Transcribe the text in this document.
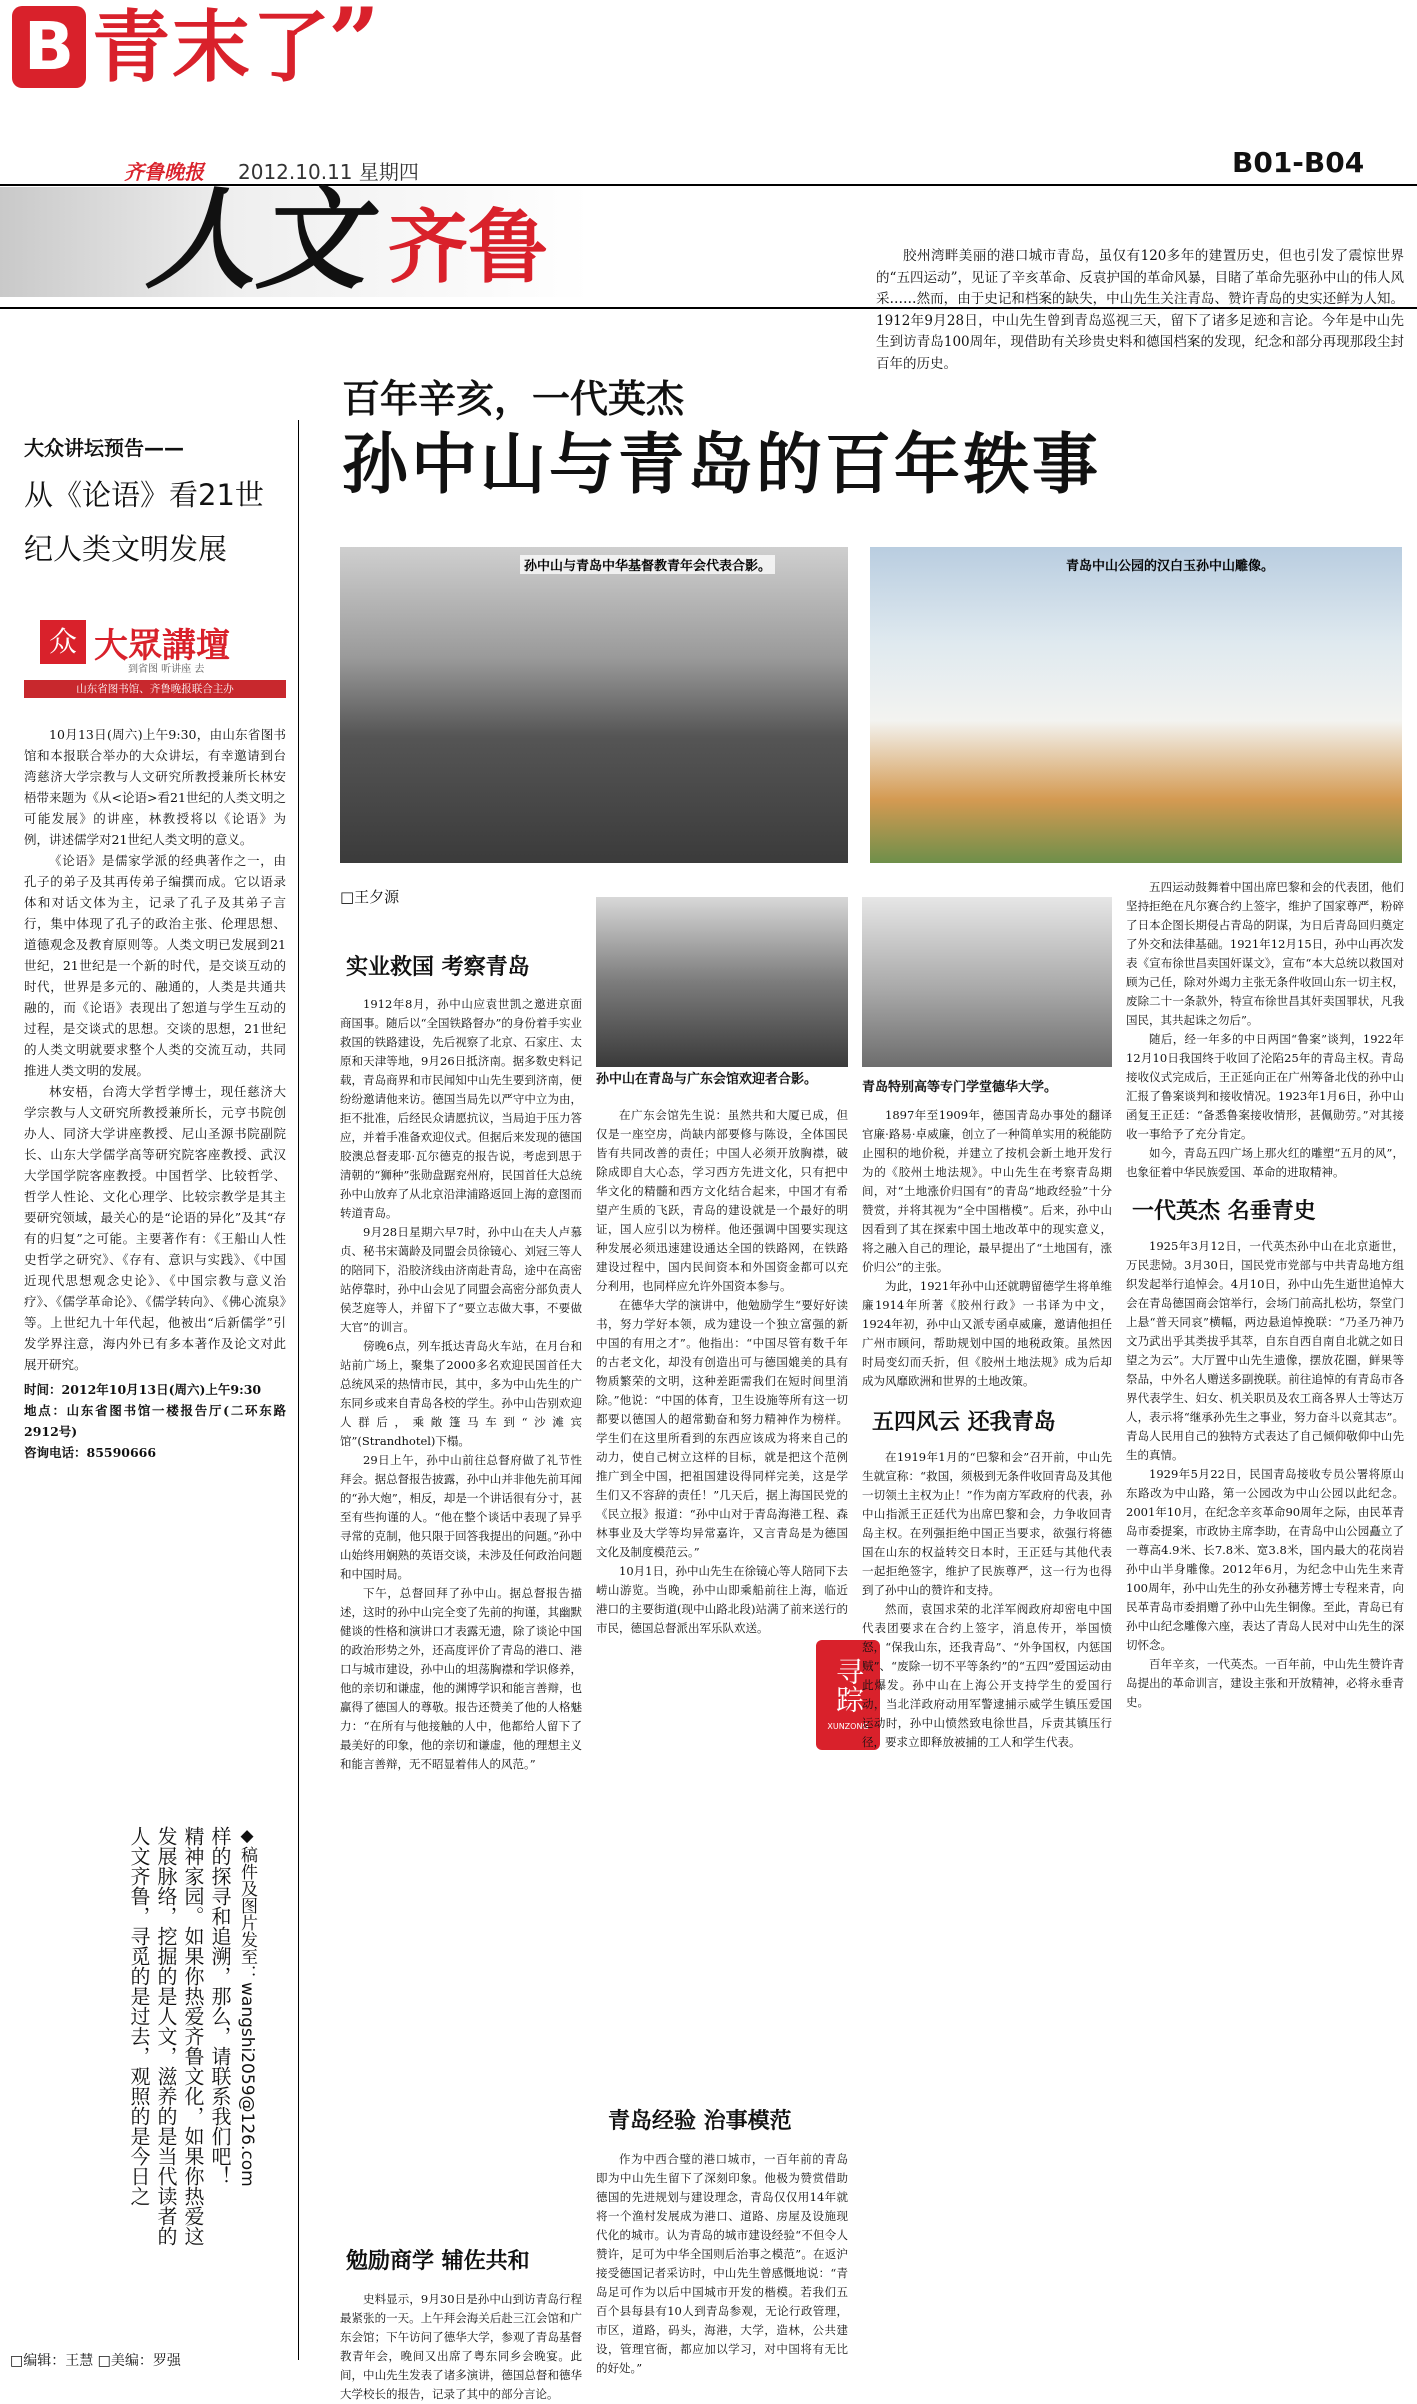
B 青末了
”
齐鲁晚报 2012.10.11 星期四	B01-B04
人文 齐鲁
大众讲坛预告——
从《论语》看21世纪人类文明发展
众 大眾講壇
到省图 听讲座 去
山东省图书馆、齐鲁晚报联合主办

10月13日(周六)上午9:30，由山东省图书馆和本报联合举办的大众讲坛，有幸邀请到台湾慈济大学宗教与人文研究所教授兼所长林安梧带来题为《从<论语>看21世纪的人类文明之可能发展》的讲座，林教授将以《论语》为例，讲述儒学对21世纪人类文明的意义。

《论语》是儒家学派的经典著作之一，由孔子的弟子及其再传弟子编撰而成。它以语录体和对话文体为主，记录了孔子及其弟子言行，集中体现了孔子的政治主张、伦理思想、道德观念及教育原则等。人类文明已发展到21世纪，21世纪是一个新的时代，是交谈互动的时代，世界是多元的、融通的，人类是共通共融的，而《论语》表现出了恕道与学生互动的过程，是交谈式的思想。交谈的思想，21世纪的人类文明就要求整个人类的交流互动，共同推进人类文明的发展。

林安梧，台湾大学哲学博士，现任慈济大学宗教与人文研究所教授兼所长，元亨书院创办人、同济大学讲座教授、尼山圣源书院副院长、山东大学儒学高等研究院客座教授、武汉大学国学院客座教授。中国哲学、比较哲学、哲学人性论、文化心理学、比较宗教学是其主要研究领域，最关心的是“论语的异化”及其“存有的归复”之可能。主要著作有：《王船山人性史哲学之研究》、《存有、意识与实践》、《中国近现代思想观念史论》、《中国宗教与意义治疗》、《儒学革命论》、《儒学转向》、《佛心流泉》等。上世纪九十年代起，他被出“后新儒学”引发学界注意，海内外已有多本著作及论文对此展开研究。

时间：2012年10月13日(周六)上午9:30
地点：山东省图书馆一楼报告厅(二环东路2912号)
咨询电话：85590666
◆稿件及图片发至：wangshi2059@126.com
样的探寻和追溯，那么，请联系我们吧！
精神家园。如果你热爱齐鲁文化，如果你热爱这
发展脉络，挖掘的是人文，滋养的是当代读者的
人文齐鲁，寻觅的是过去，观照的是今日之
□编辑：王慧 □美编：罗强
百年辛亥，一代英杰
孙中山与青岛的百年轶事
胶州湾畔美丽的港口城市青岛，虽仅有120多年的建置历史，但也引发了震惊世界的“五四运动”，见证了辛亥革命、反袁护国的革命风暴，目睹了革命先驱孙中山的伟人风采……然而，由于史记和档案的缺失，中山先生关注青岛、赞许青岛的史实还鲜为人知。1912年9月28日，中山先生曾到青岛巡视三天，留下了诸多足迹和言论。今年是中山先生到访青岛100周年，现借助有关珍贵史料和德国档案的发现，纪念和部分再现那段尘封百年的历史。
孙中山与青岛中华基督教青年会代表合影。	青岛中山公园的汉白玉孙中山雕像。
□王夕源
孙中山在青岛与广东会馆欢迎者合影。
青岛特别高等专门学堂德华大学。
实业救国 考察青岛

1912年8月，孙中山应袁世凯之邀进京面商国事。随后以“全国铁路督办”的身份着手实业救国的铁路建设，先后视察了北京、石家庄、太原和天津等地，9月26日抵济南。据多数史料记载，青岛商界和市民闻知中山先生要到济南，便纷纷邀请他来访。德国当局先以严守中立为由，拒不批准，后经民众请愿抗议，当局迫于压力答应，并着手准备欢迎仪式。但据后来发现的德国胶澳总督麦耶·瓦尔德克的报告说，考虑到思于清朝的“狮种”张勋盘踞兖州府，民国首任大总统孙中山放弃了从北京沿津浦路返回上海的意图而转道青岛。

9月28日星期六早7时，孙中山在夫人卢慕贞、秘书宋蔼龄及同盟会员徐镜心、刘冠三等人的陪同下，沿胶济线由济南赴青岛，途中在高密站停靠时，孙中山会见了同盟会高密分部负责人侯芝庭等人，并留下了“要立志做大事，不要做大官”的训言。

傍晚6点，列车抵达青岛火车站，在月台和站前广场上，聚集了2000多名欢迎民国首任大总统风采的热情市民，其中，多为中山先生的广东同乡或来自青岛各校的学生。孙中山告别欢迎人群后，乘敞篷马车到“沙滩宾馆”(Strandhotel)下榻。

29日上午，孙中山前往总督府做了礼节性拜会。据总督报告披露，孙中山并非他先前耳闻的“孙大炮”，相反，却是一个讲话很有分寸，甚至有些拘谨的人。“他在整个谈话中表现了异乎寻常的克制，他只限于回答我提出的问题。”孙中山始终用娴熟的英语交谈，未涉及任何政治问题和中国时局。

下午，总督回拜了孙中山。据总督报告描述，这时的孙中山完全变了先前的拘谨，其幽默健谈的性格和演讲口才表露无遗，除了谈论中国的政治形势之外，还高度评价了青岛的港口、港口与城市建设，孙中山的坦荡胸襟和学识修养，他的亲切和谦虚，他的渊博学识和能言善辩，也赢得了德国人的尊敬。报告还赞美了他的人格魅力：“在所有与他接触的人中，他都给人留下了最美好的印象，他的亲切和谦虚，他的理想主义和能言善辩，无不昭显着伟人的风范。”

勉励商学 辅佐共和
史料显示，9月30日是孙中山到访青岛行程最紧张的一天。上午拜会海关后赴三江会馆和广东会馆；下午访问了德华大学，参观了青岛基督教青年会，晚间又出席了粤东同乡会晚宴。此间，中山先生发表了诸多演讲，德国总督和德华大学校长的报告，记录了其中的部分言论。

在广东会馆先生说：虽然共和大厦已成，但仅是一座空房，尚缺内部要修与陈设，全体国民皆有共同改善的责任；中国人必须开放胸襟，破除成即自大心态，学习西方先进文化，只有把中华文化的精髓和西方文化结合起来，中国才有希望产生质的飞跃，青岛的建设就是一个最好的明证，国人应引以为榜样。他还强调中国要实现这种发展必须迅速建设通达全国的铁路网，在铁路建设过程中，国内民间资本和外国资金都可以充分利用，也同样应允许外国资本参与。

在德华大学的演讲中，他勉励学生“要好好读书，努力学好本领，成为建设一个独立富强的新中国的有用之才”。他指出：“中国尽管有数千年的古老文化，却没有创造出可与德国媲美的具有物质繁荣的文明，这种差距需我们在短时间里消除。”他说：“中国的体育，卫生设施等所有这一切都要以德国人的超常勤奋和努力精神作为榜样。学生们在这里所看到的东西应该成为将来自己的动力，使自己树立这样的目标，就是把这个范例推广到全中国，把祖国建设得同样完美，这是学生们又不容辞的责任！”几天后，据上海国民党的《民立报》报道：“孙中山对于青岛海港工程、森林事业及大学等均异常嘉许，又言青岛是为德国文化及制度模范云。”

10月1日，孙中山先生在徐镜心等人陪同下去崂山游览。当晚，孙中山即乘船前往上海，临近港口的主要街道(现中山路北段)站满了前来送行的市民，德国总督派出军乐队欢送。

青岛经验 治事模范
作为中西合璧的港口城市，一百年前的青岛即为中山先生留下了深刻印象。他极为赞赏借助德国的先进规划与建设理念，青岛仅仅用14年就将一个渔村发展成为港口、道路、房屋及设施现代化的城市。认为青岛的城市建设经验“不但令人赞许，足可为中华全国则后治事之模范”。在返沪接受德国记者采访时，中山先生曾感慨地说：“青岛足可作为以后中国城市开发的楷模。若我们五百个县每县有10人到青岛参观，无论行政管理，市区，道路，码头，海港，大学，造林，公共建设，管理官衙，都应加以学习，对中国将有无比的好处。”
寻踪
XUNZONG

1897年至1909年，德国青岛办事处的翻译官廉·路易·卓威廉，创立了一种简单实用的税能防止囤积的地价税，并建立了按机会新土地开发行为的《胶州土地法规》。中山先生在考察青岛期间，对“土地涨价归国有”的青岛“地政经验”十分赞赏，并将其视为“全中国楷模”。后来，孙中山因看到了其在探索中国土地改革中的现实意义，将之融入自己的理论，最早提出了“土地国有，涨价归公”的主张。

为此，1921年孙中山还就聘留德学生将单维廉1914年所著《胶州行政》一书译为中文，1924年初，孙中山又派专函卓威廉，邀请他担任广州市顾问，帮助规划中国的地税政策。虽然因时局变幻而夭折，但《胶州土地法规》成为后却成为风靡欧洲和世界的土地改策。

五四风云 还我青岛

在1919年1月的“巴黎和会”召开前，中山先生就宣称：“救国，须极到无条件收回青岛及其他一切领土主权为止！”作为南方军政府的代表，孙中山指派王正廷代为出席巴黎和会，力争收回青岛主权。在列强拒绝中国正当要求，欲强行将德国在山东的权益转交日本时，王正廷与其他代表一起拒绝签字，维护了民族尊严，这一行为也得到了孙中山的赞许和支持。

然而，袁国求荣的北洋军阀政府却密电中国代表团要求在合约上签字，消息传开，举国愤怒，“保我山东，还我青岛”、“外争国权，内惩国贼”、“废除一切不平等条约”的“五四”爱国运动由此爆发。孙中山在上海公开支持学生的爱国行动，当北洋政府动用军警逮捕示威学生镇压爱国运动时，孙中山愤然致电徐世昌，斥责其镇压行径，要求立即释放被捕的工人和学生代表。

五四运动鼓舞着中国出席巴黎和会的代表团，他们坚持拒绝在凡尔赛合约上签字，维护了国家尊严，粉碎了日本企图长期侵占青岛的阴谋，为日后青岛回归奠定了外交和法律基础。1921年12月15日，孙中山再次发表《宣布徐世昌卖国奸谋文》，宣布“本大总统以救国对顾为己任，除对外竭力主张无条件收回山东一切主权，废除二十一条款外，特宣布徐世昌其奸卖国罪状，凡我国民，其共起诛之勿后”。

随后，经一年多的中日两国“鲁案”谈判，1922年12月10日我国终于收回了沦陷25年的青岛主权。青岛接收仪式完成后，王正延向正在广州筹备北伐的孙中山汇报了鲁案谈判和接收情况。1923年1月6日，孙中山函复王正廷：“备悉鲁案接收情形，甚佩勋劳。”对其接收一事给予了充分肯定。

如今，青岛五四广场上那火红的雕塑“五月的风”，也象征着中华民族爱国、革命的进取精神。

一代英杰 名垂青史

1925年3月12日，一代英杰孙中山在北京逝世，万民悲恸。3月30日，国民党市党部与中共青岛地方组织发起举行追悼会。4月10日，孙中山先生逝世追悼大会在青岛德国商会馆举行，会场门前高扎松坊，祭堂门上悬“普天同哀”横幅，两边悬追悼挽联：“乃圣乃神乃文乃武出乎其类拔乎其萃，自东自西自南自北就之如日望之为云”。大厅置中山先生遗像，摆放花圈，鲜果等祭品，中外名人赠送多副挽联。前往追悼的有青岛市各界代表学生、妇女、机关职员及农工商各界人士等达万人，表示将“继承孙先生之事业，努力奋斗以竟其志”。青岛人民用自己的独特方式表达了自己倾仰敬仰中山先生的真情。

1929年5月22日，民国青岛接收专员公署将原山东路改为中山路，第一公园改为中山公园以此纪念。2001年10月，在纪念辛亥革命90周年之际，由民革青岛市委提案，市政协主席李助，在青岛中山公园矗立了一尊高4.9米、长7.8米、宽3.8米，国内最大的花岗岩孙中山半身雕像。2012年6月，为纪念中山先生来青100周年，孙中山先生的孙女孙穗芳博士专程来青，向民革青岛市委捐赠了孙中山先生铜像。至此，青岛已有孙中山纪念雕像六座，表达了青岛人民对中山先生的深切怀念。

百年辛亥，一代英杰。一百年前，中山先生赞许青岛提出的革命训言，建设主张和开放精神，必将永垂青史。
